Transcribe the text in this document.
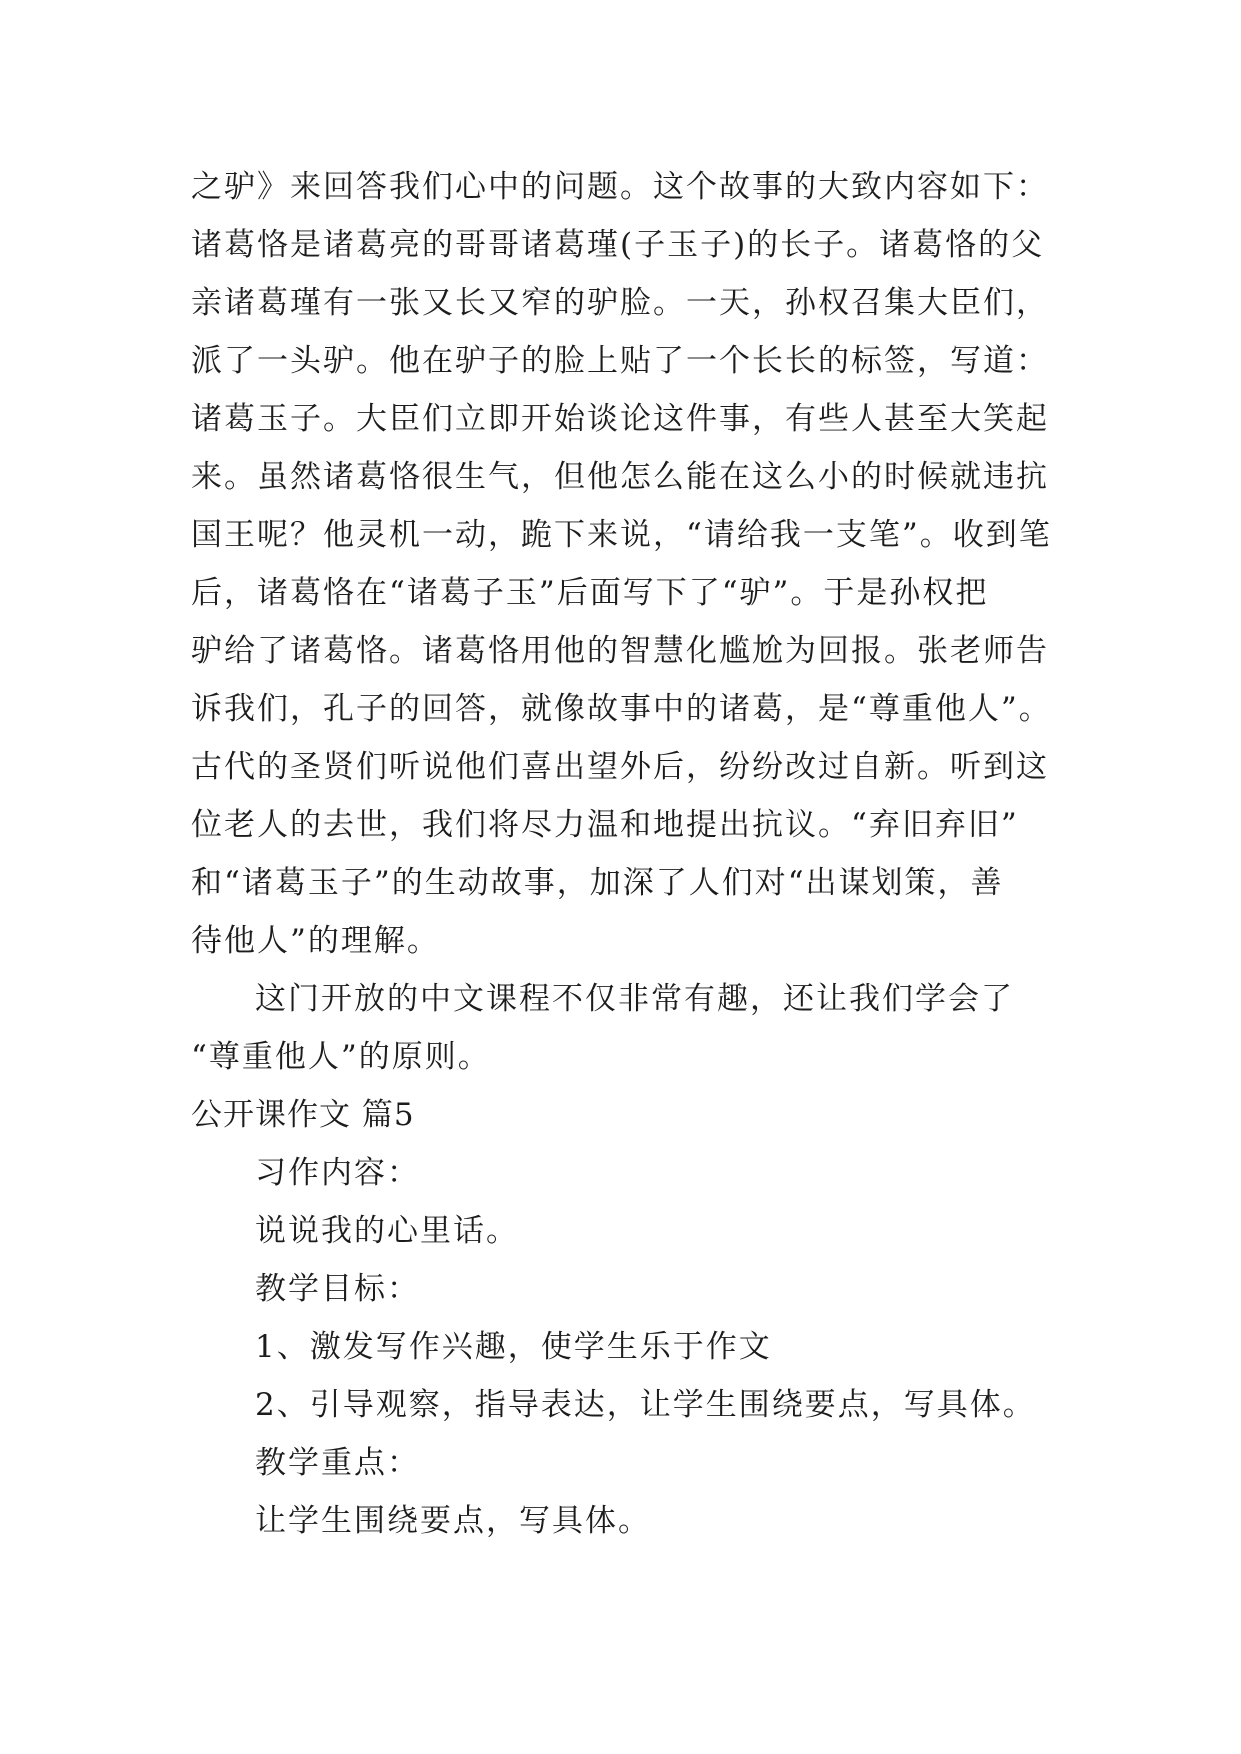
之驴》来回答我们心中的问题。这个故事的大致内容如下：
诸葛恪是诸葛亮的哥哥诸葛瑾(子玉子)的长子。诸葛恪的父
亲诸葛瑾有一张又长又窄的驴脸。一天，孙权召集大臣们，
派了一头驴。他在驴子的脸上贴了一个长长的标签，写道：
诸葛玉子。大臣们立即开始谈论这件事，有些人甚至大笑起
来。虽然诸葛恪很生气，但他怎么能在这么小的时候就违抗
国王呢？他灵机一动，跪下来说，“请给我一支笔”。收到笔
后，诸葛恪在“诸葛子玉”后面写下了“驴”。于是孙权把
驴给了诸葛恪。诸葛恪用他的智慧化尴尬为回报。张老师告
诉我们，孔子的回答，就像故事中的诸葛，是“尊重他人”。
古代的圣贤们听说他们喜出望外后，纷纷改过自新。听到这
位老人的去世，我们将尽力温和地提出抗议。“弃旧弃旧”
和“诸葛玉子”的生动故事，加深了人们对“出谋划策，善
待他人”的理解。
这门开放的中文课程不仅非常有趣，还让我们学会了
“尊重他人”的原则。
公开课作文 篇5
习作内容：
说说我的心里话。
教学目标：
1、激发写作兴趣，使学生乐于作文
2、引导观察，指导表达，让学生围绕要点，写具体。
教学重点：
让学生围绕要点，写具体。
